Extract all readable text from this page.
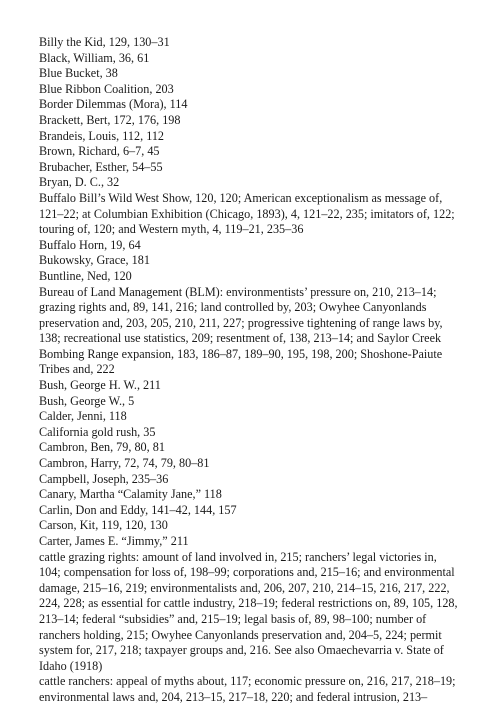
Billy the Kid, 129, 130–31
Black, William, 36, 61
Blue Bucket, 38
Blue Ribbon Coalition, 203
Border Dilemmas (Mora), 114
Brackett, Bert, 172, 176, 198
Brandeis, Louis, 112, 112
Brown, Richard, 6–7, 45
Brubacher, Esther, 54–55
Bryan, D. C., 32
Buffalo Bill’s Wild West Show, 120, 120; American exceptionalism as message of, 121–22; at Columbian Exhibition (Chicago, 1893), 4, 121–22, 235; imitators of, 122; touring of, 120; and Western myth, 4, 119–21, 235–36
Buffalo Horn, 19, 64
Bukowsky, Grace, 181
Buntline, Ned, 120
Bureau of Land Management (BLM): environmentists’ pressure on, 210, 213–14; grazing rights and, 89, 141, 216; land controlled by, 203; Owyhee Canyonlands preservation and, 203, 205, 210, 211, 227; progressive tightening of range laws by, 138; recreational use statistics, 209; resentment of, 138, 213–14; and Saylor Creek Bombing Range expansion, 183, 186–87, 189–90, 195, 198, 200; Shoshone-Paiute Tribes and, 222
Bush, George H. W., 211
Bush, George W., 5
Calder, Jenni, 118
California gold rush, 35
Cambron, Ben, 79, 80, 81
Cambron, Harry, 72, 74, 79, 80–81
Campbell, Joseph, 235–36
Canary, Martha “Calamity Jane,” 118
Carlin, Don and Eddy, 141–42, 144, 157
Carson, Kit, 119, 120, 130
Carter, James E. “Jimmy,” 211
cattle grazing rights: amount of land involved in, 215; ranchers’ legal victories in, 104; compensation for loss of, 198–99; corporations and, 215–16; and environmental damage, 215–16, 219; environmentalists and, 206, 207, 210, 214–15, 216, 217, 222, 224, 228; as essential for cattle industry, 218–19; federal restrictions on, 89, 105, 128, 213–14; federal “subsidies” and, 215–19; legal basis of, 89, 98–100; number of ranchers holding, 215; Owyhee Canyonlands preservation and, 204–5, 224; permit system for, 217, 218; taxpayer groups and, 216. See also Omaechevarria v. State of Idaho (1918)
cattle ranchers: appeal of myths about, 117; economic pressure on, 216, 217, 218–19; environmental laws and, 204, 213–15, 217–18, 220; and federal intrusion, 213–
